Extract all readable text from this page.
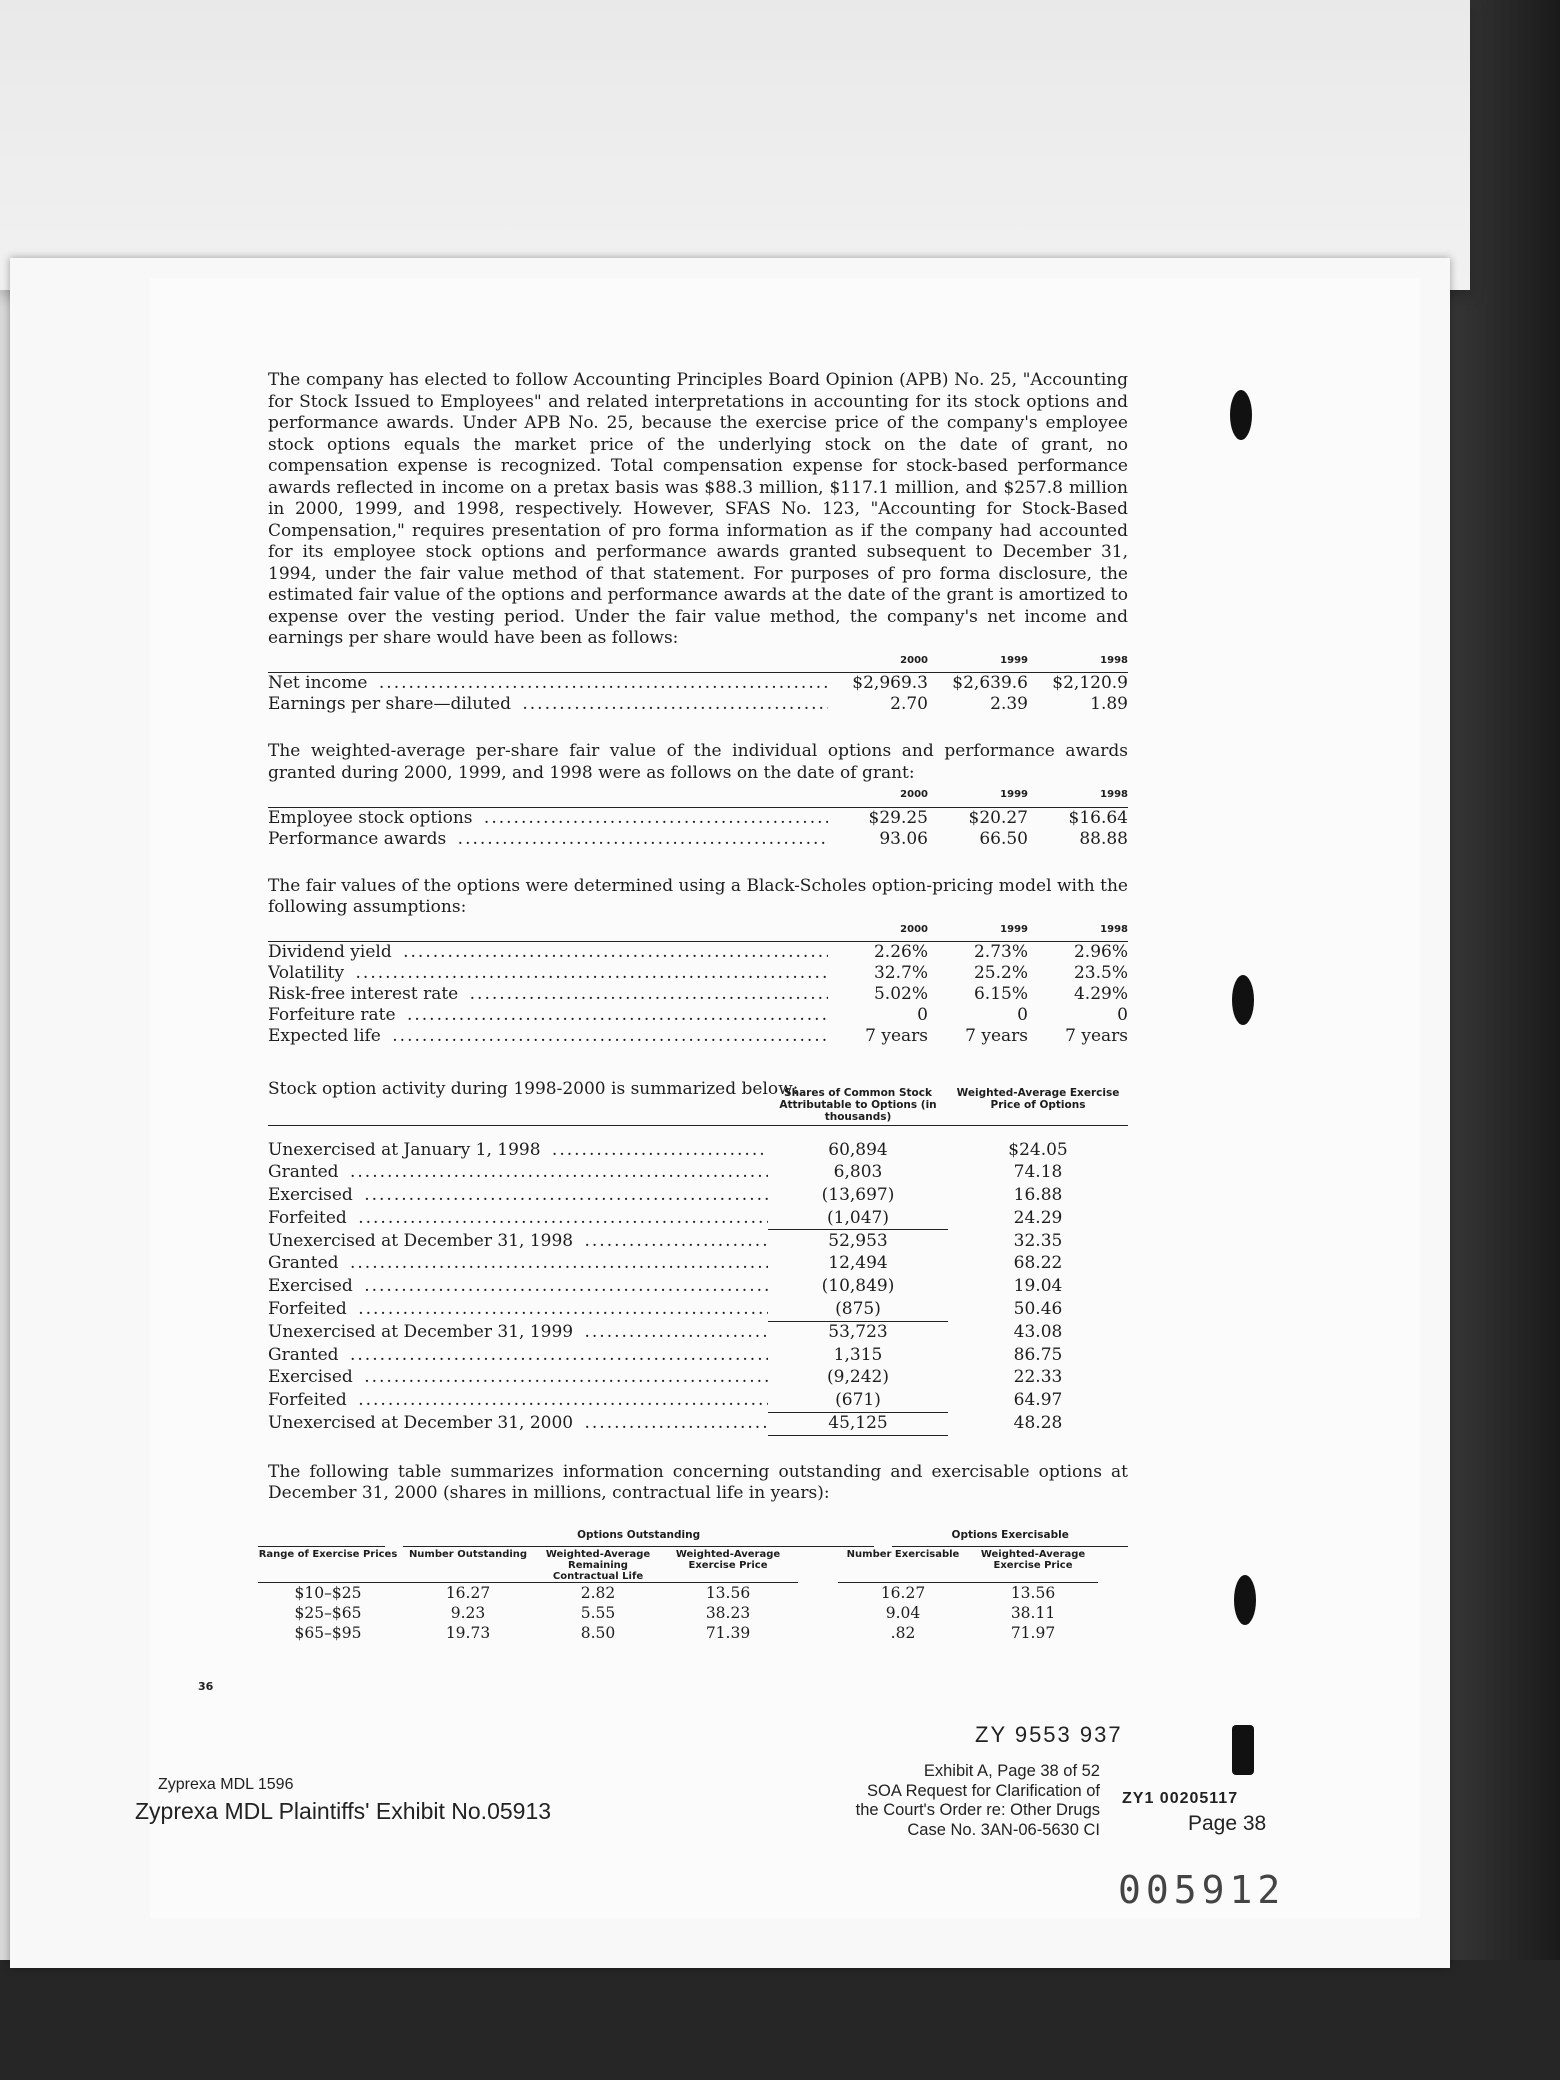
The company has elected to follow Accounting Principles Board Opinion (APB) No. 25, "Accounting for Stock Issued to Employees" and related interpretations in accounting for its stock options and performance awards. Under APB No. 25, because the exercise price of the company's employee stock options equals the market price of the underlying stock on the date of grant, no compensation expense is recognized. Total compensation expense for stock-based performance awards reflected in income on a pretax basis was $88.3 million, $117.1 million, and $257.8 million in 2000, 1999, and 1998, respectively. However, SFAS No. 123, "Accounting for Stock-Based Compensation," requires presentation of pro forma information as if the company had accounted for its employee stock options and performance awards granted subsequent to December 31, 1994, under the fair value method of that statement. For purposes of pro forma disclosure, the estimated fair value of the options and performance awards at the date of the grant is amortized to expense over the vesting period. Under the fair value method, the company's net income and earnings per share would have been as follows:

2000	1999	1998
Net income .....	$2,969.3	$2,639.6	$2,120.9
Earnings per share—diluted .....	2.70	2.39	1.89

The weighted-average per-share fair value of the individual options and performance awards granted during 2000, 1999, and 1998 were as follows on the date of grant:

2000	1999	1998
Employee stock options .....	$29.25	$20.27	$16.64
Performance awards .....	93.06	66.50	88.88

The fair values of the options were determined using a Black-Scholes option-pricing model with the following assumptions:

2000	1999	1998
Dividend yield .....	2.26%	2.73%	2.96%
Volatility .....	32.7%	25.2%	23.5%
Risk-free interest rate .....	5.02%	6.15%	4.29%
Forfeiture rate .....	0	0	0
Expected life .....	7 years	7 years	7 years

Stock option activity during 1998-2000 is summarized below:

Shares of Common Stock Attributable to Options (in thousands)
Weighted-Average Exercise Price of Options
Unexercised at January 1, 1998 .....	60,894	$24.05
Granted .....	6,803	74.18
Exercised .....	(13,697)	16.88
Forfeited .....	(1,047)	24.29
Unexercised at December 31, 1998 .....	52,953	32.35
Granted .....	12,494	68.22
Exercised .....	(10,849)	19.04
Forfeited .....	(875)	50.46
Unexercised at December 31, 1999 .....	53,723	43.08
Granted .....	1,315	86.75
Exercised .....	(9,242)	22.33
Forfeited .....	(671)	64.97
Unexercised at December 31, 2000 .....	45,125	48.28

The following table summarizes information concerning outstanding and exercisable options at December 31, 2000 (shares in millions, contractual life in years):

Options Outstanding	Options Exercisable
Range of Exercise Prices	Number Outstanding	Weighted-Average Remaining Contractual Life
Weighted-Average Exercise Price
Number Exercisable	Weighted-Average Exercise Price
$10–$25	16.27	2.82	13.56	16.27	13.56
$25–$65	9.23	5.55	38.23	9.04	38.11
$65–$95	19.73	8.50	71.39	.82	71.97
36
ZY 9553 937
Zyprexa MDL 1596
Zyprexa MDL Plaintiffs' Exhibit No.05913
Exhibit A, Page 38 of 52
SOA Request for Clarification of
the Court's Order re: Other Drugs
Case No. 3AN-06-5630 CI
ZY1 00205117
Page 38
005912
